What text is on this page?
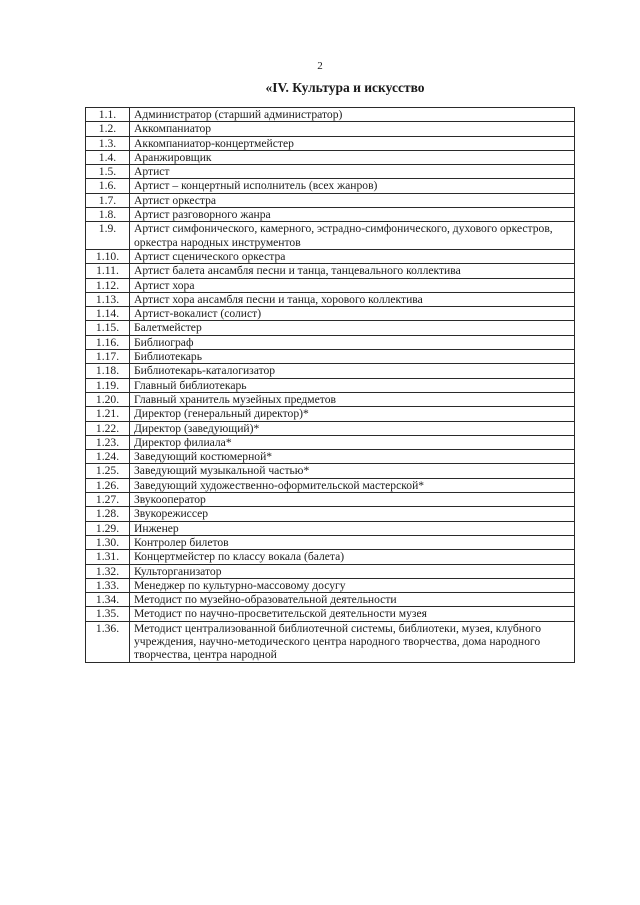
2
«IV. Культура и искусство
1.1.	Администратор (старший администратор)
1.2.	Аккомпаниатор
1.3.	Аккомпаниатор-концертмейстер
1.4.	Аранжировщик
1.5.	Артист
1.6.	Артист – концертный исполнитель (всех жанров)
1.7.	Артист оркестра
1.8.	Артист разговорного жанра
1.9.	Артист симфонического, камерного, эстрадно-симфонического, духового оркестров, оркестра народных инструментов
1.10.	Артист сценического оркестра
1.11.	Артист балета ансамбля песни и танца, танцевального коллектива
1.12.	Артист хора
1.13.	Артист хора ансамбля песни и танца, хорового коллектива
1.14.	Артист-вокалист (солист)
1.15.	Балетмейстер
1.16.	Библиограф
1.17.	Библиотекарь
1.18.	Библиотекарь-каталогизатор
1.19.	Главный библиотекарь
1.20.	Главный хранитель музейных предметов
1.21.	Директор (генеральный директор)*
1.22.	Директор (заведующий)*
1.23.	Директор филиала*
1.24.	Заведующий костюмерной*
1.25.	Заведующий музыкальной частью*
1.26.	Заведующий художественно-оформительской мастерской*
1.27.	Звукооператор
1.28.	Звукорежиссер
1.29.	Инженер
1.30.	Контролер билетов
1.31.	Концертмейстер по классу вокала (балета)
1.32.	Культорганизатор
1.33.	Менеджер по культурно-массовому досугу
1.34.	Методист по музейно-образовательной деятельности
1.35.	Методист по научно-просветительской деятельности музея
1.36.	Методист централизованной библиотечной системы, библиотеки, музея, клубного учреждения, научно-методического центра народного творчества, дома народного творчества, центра народной
